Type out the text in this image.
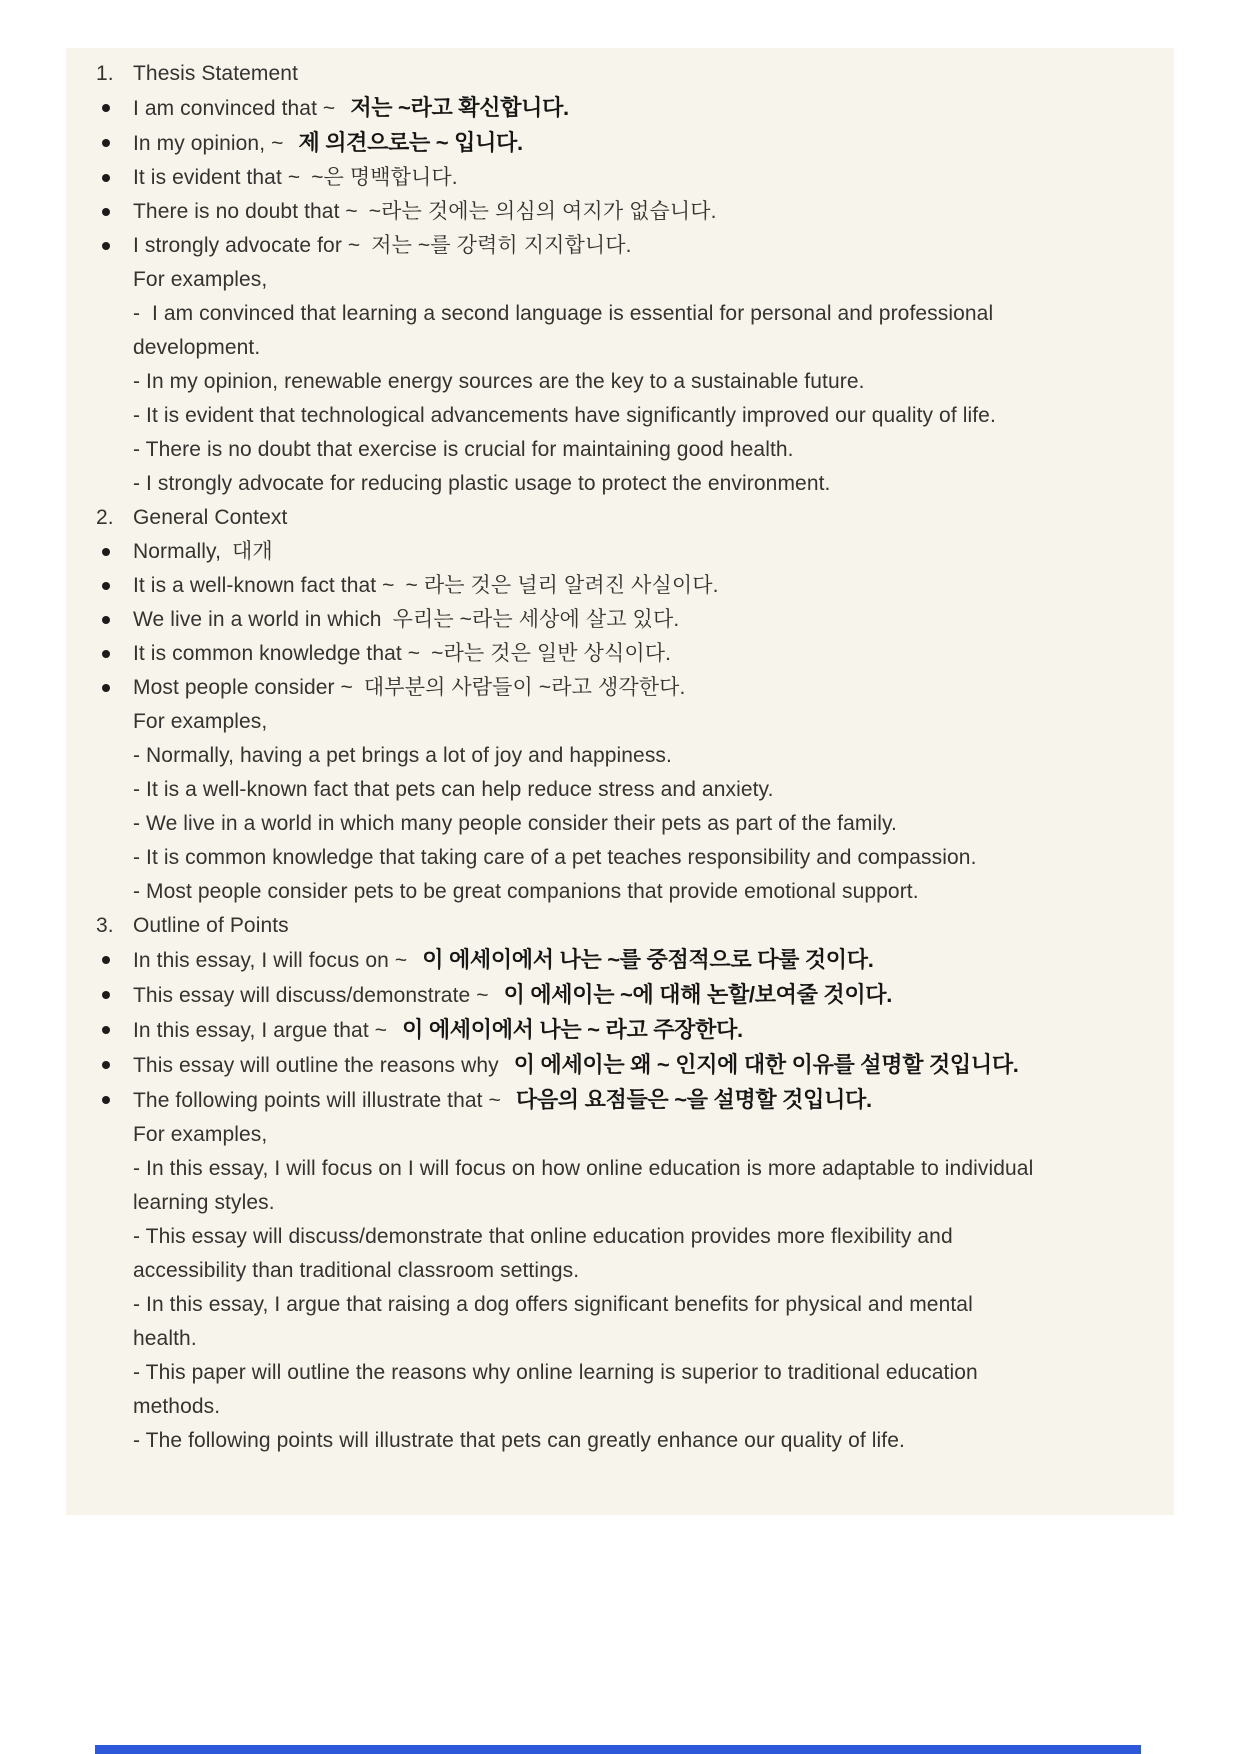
1. Thesis Statement
I am convinced that ~ 저는 ~라고 확신합니다.
In my opinion, ~ 제 의견으로는 ~ 입니다.
It is evident that ~ ~은 명백합니다.
There is no doubt that ~ ~라는 것에는 의심의 여지가 없습니다.
I strongly advocate for ~ 저는 ~를 강력히 지지합니다.
For examples,
-  I am convinced that learning a second language is essential for personal and professional development.
- In my opinion, renewable energy sources are the key to a sustainable future.
- It is evident that technological advancements have significantly improved our quality of life.
- There is no doubt that exercise is crucial for maintaining good health.
- I strongly advocate for reducing plastic usage to protect the environment.
2. General Context
Normally, 대개
It is a well-known fact that ~ ~ 라는 것은 널리 알려진 사실이다.
We live in a world in which 우리는 ~라는 세상에 살고 있다.
It is common knowledge that ~ ~라는 것은 일반 상식이다.
Most people consider ~ 대부분의 사람들이 ~라고 생각한다.
For examples,
- Normally, having a pet brings a lot of joy and happiness.
- It is a well-known fact that pets can help reduce stress and anxiety.
- We live in a world in which many people consider their pets as part of the family.
- It is common knowledge that taking care of a pet teaches responsibility and compassion.
- Most people consider pets to be great companions that provide emotional support.
3. Outline of Points
In this essay, I will focus on ~ 이 에세이에서 나는 ~를 중점적으로 다룰 것이다.
This essay will discuss/demonstrate ~ 이 에세이는 ~에 대해 논할/보여줄 것이다.
In this essay, I argue that ~ 이 에세이에서 나는 ~ 라고 주장한다.
This essay will outline the reasons why 이 에세이는 왜 ~ 인지에 대한 이유를 설명할 것입니다.
The following points will illustrate that ~ 다음의 요점들은 ~을 설명할 것입니다.
For examples,
- In this essay, I will focus on I will focus on how online education is more adaptable to individual learning styles.
- This essay will discuss/demonstrate that online education provides more flexibility and accessibility than traditional classroom settings.
- In this essay, I argue that raising a dog offers significant benefits for physical and mental health.
- This paper will outline the reasons why online learning is superior to traditional education methods.
- The following points will illustrate that pets can greatly enhance our quality of life.
